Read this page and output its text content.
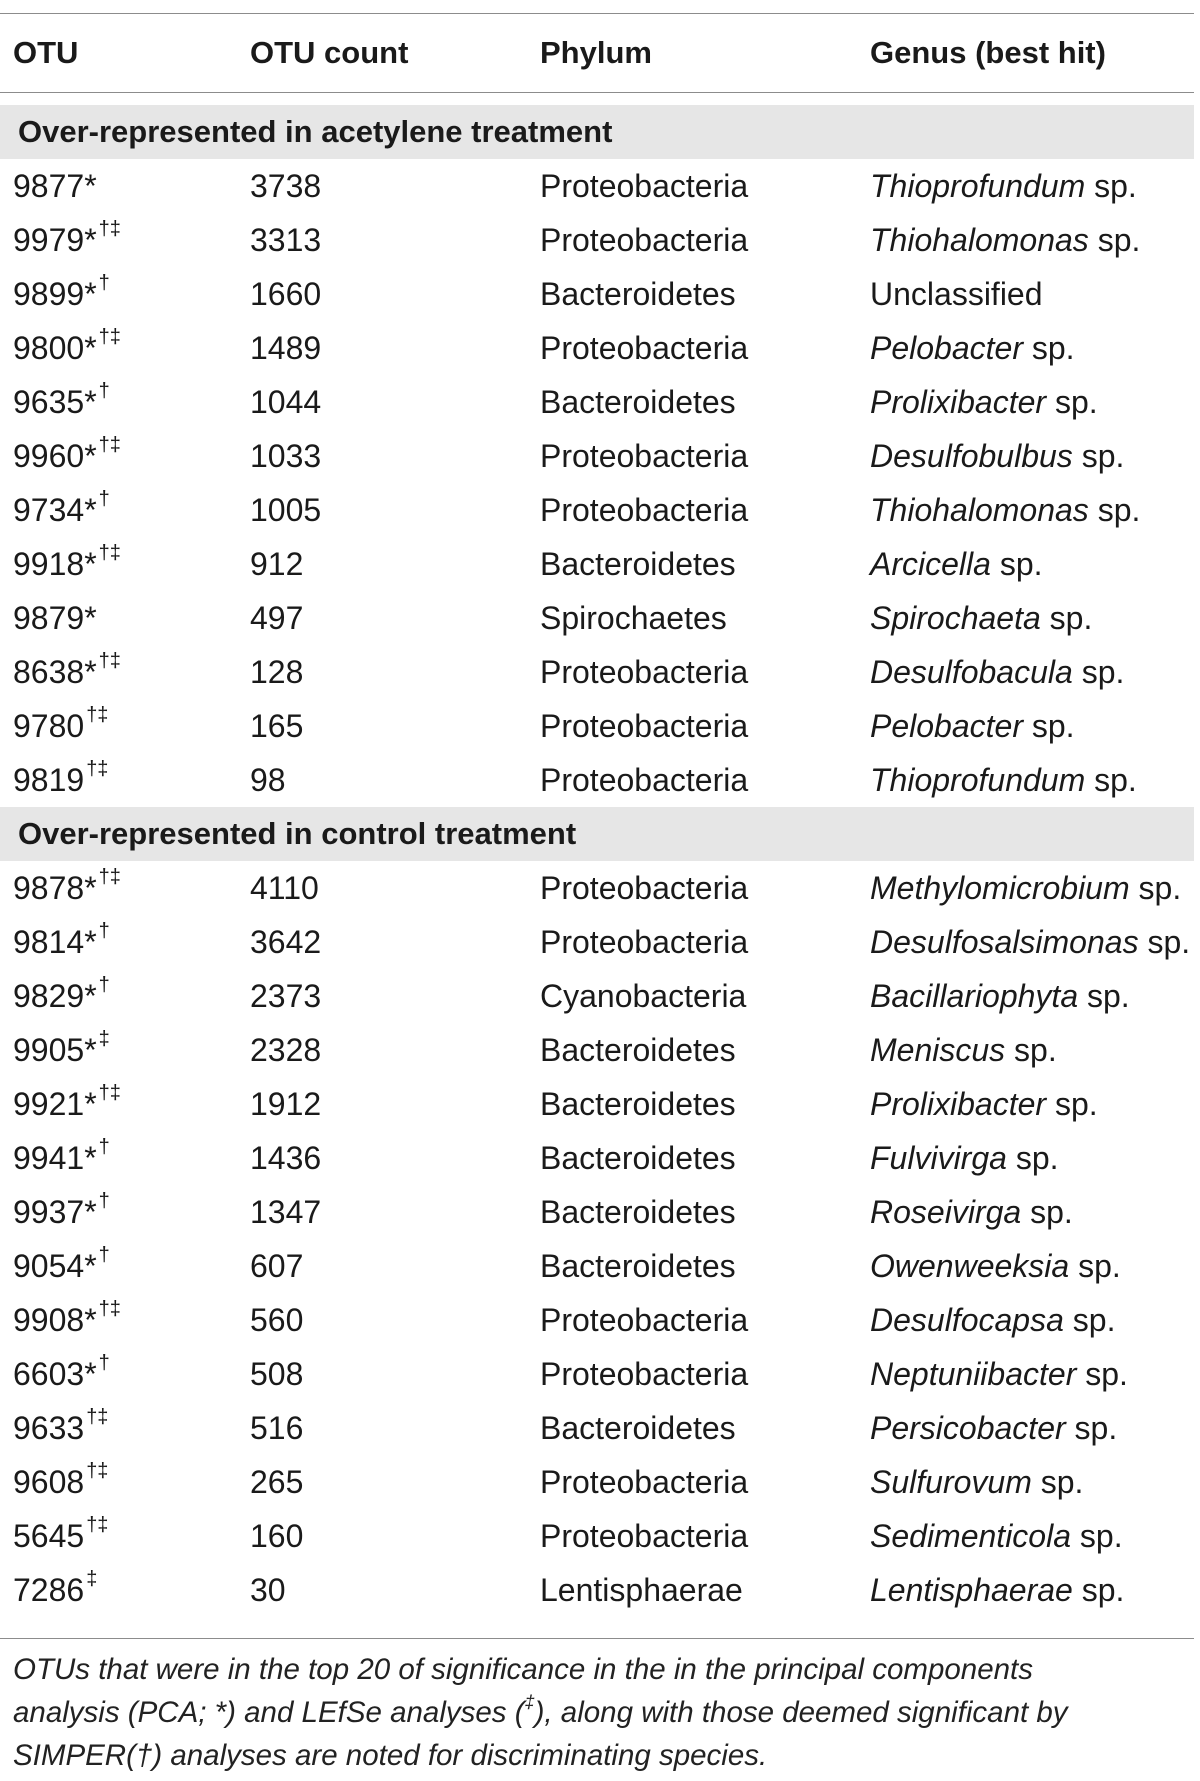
OTU	OTU count	Phylum	Genus (best hit)
Over-represented in acetylene treatment
9877*	3738	Proteobacteria	Thioprofundum sp.
9979* †‡	3313	Proteobacteria	Thiohalomonas sp.
9899* †	1660	Bacteroidetes	Unclassified
9800* †‡	1489	Proteobacteria	Pelobacter sp.
9635* †	1044	Bacteroidetes	Prolixibacter sp.
9960* †‡	1033	Proteobacteria	Desulfobulbus sp.
9734* †	1005	Proteobacteria	Thiohalomonas sp.
9918* †‡	912	Bacteroidetes	Arcicella sp.
9879*	497	Spirochaetes	Spirochaeta sp.
8638* †‡	128	Proteobacteria	Desulfobacula sp.
9780 †‡	165	Proteobacteria	Pelobacter sp.
9819 †‡	98	Proteobacteria	Thioprofundum sp.
Over-represented in control treatment
9878* †‡	4110	Proteobacteria	Methylomicrobium sp.
9814* †	3642	Proteobacteria	Desulfosalsimonas sp.
9829* †	2373	Cyanobacteria	Bacillariophyta sp.
9905* ‡	2328	Bacteroidetes	Meniscus sp.
9921* †‡	1912	Bacteroidetes	Prolixibacter sp.
9941* †	1436	Bacteroidetes	Fulvivirga sp.
9937* †	1347	Bacteroidetes	Roseivirga sp.
9054* †	607	Bacteroidetes	Owenweeksia sp.
9908* †‡	560	Proteobacteria	Desulfocapsa sp.
6603* †	508	Proteobacteria	Neptuniibacter sp.
9633 †‡	516	Bacteroidetes	Persicobacter sp.
9608 †‡	265	Proteobacteria	Sulfurovum sp.
5645 †‡	160	Proteobacteria	Sedimenticola sp.
7286 ‡	30	Lentisphaerae	Lentisphaerae sp.
OTUs that were in the top 20 of significance in the in the principal components
analysis (PCA; *) and LEfSe analyses (‡), along with those deemed significant by
SIMPER(†) analyses are noted for discriminating species.
